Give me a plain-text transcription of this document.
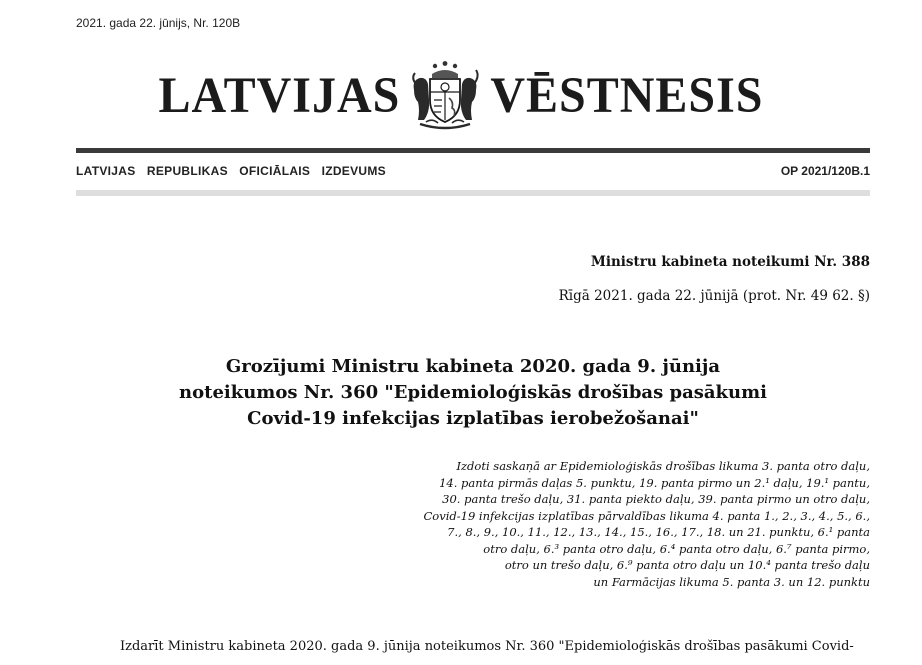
2021. gada 22. jūnijs, Nr. 120B
LATVIJAS VĒSTNESIS
LATVIJAS REPUBLIKAS OFICIĀLAIS IZDEVUMS	OP 2021/120B.1
Ministru kabineta noteikumi Nr. 388
Rīgā 2021. gada 22. jūnijā (prot. Nr. 49 62. §)
Grozījumi Ministru kabineta 2020. gada 9. jūnija
noteikumos Nr. 360 "Epidemioloģiskās drošības pasākumi
Covid-19 infekcijas izplatības ierobežošanai"
Izdoti saskaņā ar Epidemioloģiskās drošības likuma 3. panta otro daļu,
14. panta pirmās daļas 5. punktu, 19. panta pirmo un 2.¹ daļu, 19.¹ pantu,
30. panta trešo daļu, 31. panta piekto daļu, 39. panta pirmo un otro daļu,
Covid-19 infekcijas izplatības pārvaldības likuma 4. panta 1., 2., 3., 4., 5., 6.,
7., 8., 9., 10., 11., 12., 13., 14., 15., 16., 17., 18. un 21. punktu, 6.¹ panta
otro daļu, 6.³ panta otro daļu, 6.⁴ panta otro daļu, 6.⁷ panta pirmo,
otro un trešo daļu, 6.⁹ panta otro daļu un 10.⁴ panta trešo daļu
un Farmācijas likuma 5. panta 3. un 12. punktu
Izdarīt Ministru kabineta 2020. gada 9. jūnija noteikumos Nr. 360 "Epidemioloģiskās drošības pasākumi Covid-
